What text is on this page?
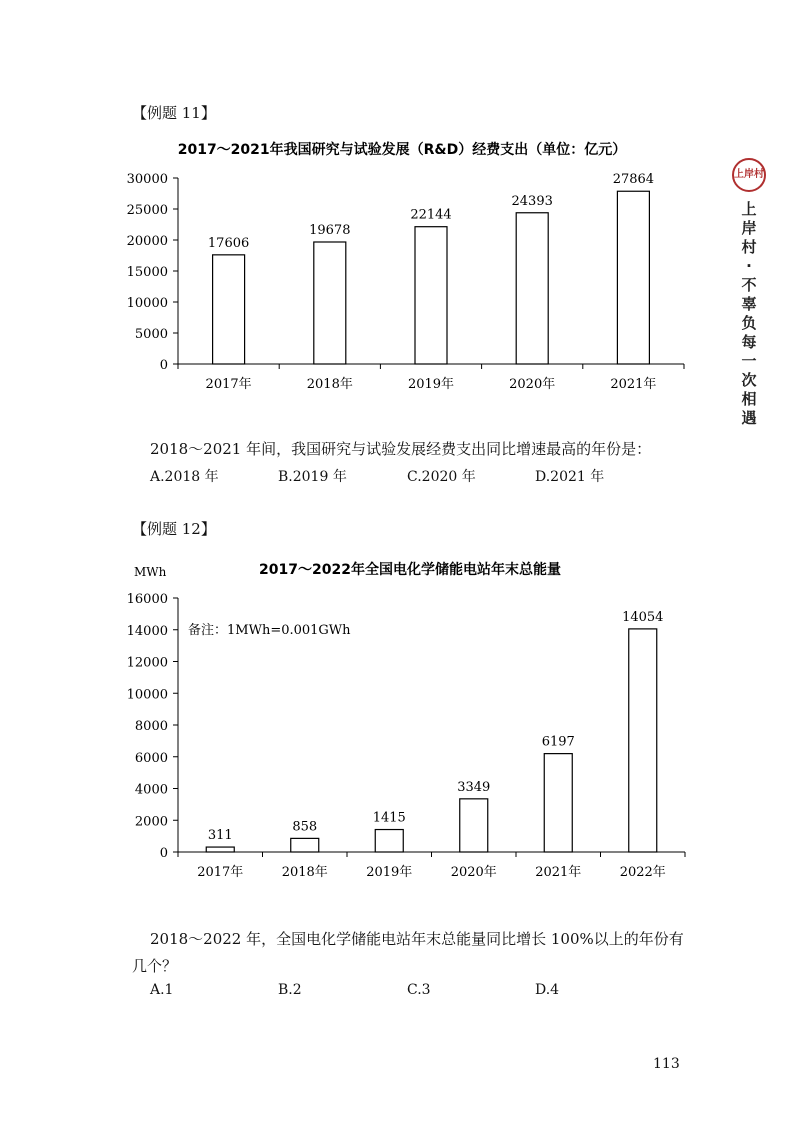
【例题 11】
2017～2021年我国研究与试验发展（R&D）经费支出（单位：亿元）
0
5000
10000
15000
20000
25000
30000
17606
19678
22144
24393
27864
2017年	2018年	2019年	2020年	2021年
2018～2021 年间，我国研究与试验发展经费支出同比增速最高的年份是：
A.2018 年	B.2019 年	C.2020 年	D.2021 年
【例题 12】
2017～2022年全国电化学储能电站年末总能量
MWh
备注：1MWh=0.001GWh
0
2000
4000
6000
8000
10000
12000
14000
16000
311
858
1415
3349
6197
14054
2017年	2018年	2019年	2020年	2021年	2022年
2018～2022 年，全国电化学储能电站年末总能量同比增长 100%以上的年份有
几个？
A.1	B.2	C.3	D.4
上岸村
上岸村·不辜负每一次相遇
113
